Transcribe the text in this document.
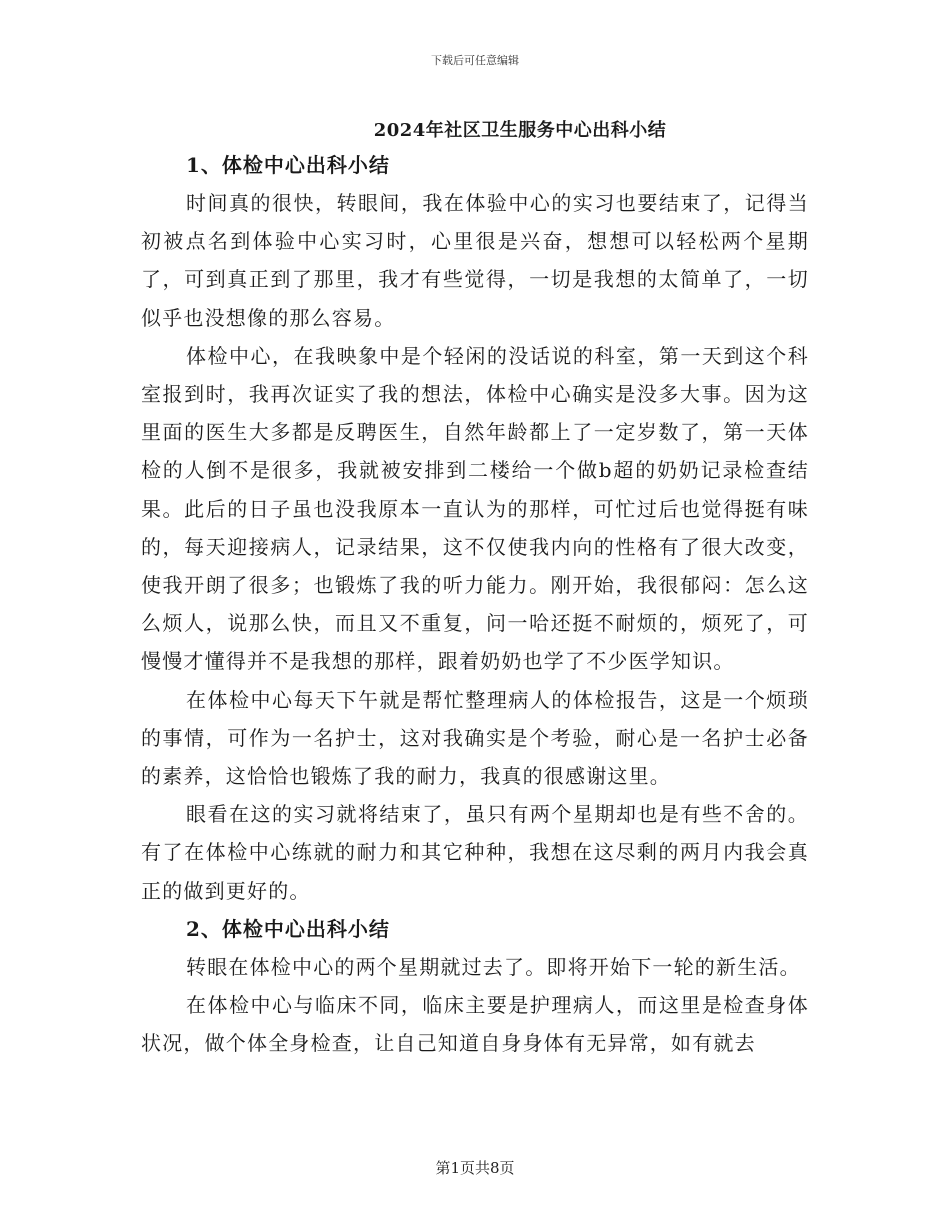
下载后可任意编辑
2024年社区卫生服务中心出科小结

1、体检中心出科小结

时间真的很快，转眼间，我在体验中心的实习也要结束了，记得当初被点名到体验中心实习时，心里很是兴奋，想想可以轻松两个星期了，可到真正到了那里，我才有些觉得，一切是我想的太简单了，一切似乎也没想像的那么容易。

体检中心，在我映象中是个轻闲的没话说的科室，第一天到这个科室报到时，我再次证实了我的想法，体检中心确实是没多大事。因为这里面的医生大多都是反聘医生，自然年龄都上了一定岁数了，第一天体检的人倒不是很多，我就被安排到二楼给一个做b超的奶奶记录检查结果。此后的日子虽也没我原本一直认为的那样，可忙过后也觉得挺有味的，每天迎接病人，记录结果，这不仅使我内向的性格有了很大改变，使我开朗了很多；也锻炼了我的听力能力。刚开始，我很郁闷：怎么这么烦人，说那么快，而且又不重复，问一哈还挺不耐烦的，烦死了，可慢慢才懂得并不是我想的那样，跟着奶奶也学了不少医学知识。

在体检中心每天下午就是帮忙整理病人的体检报告，这是一个烦琐的事情，可作为一名护士，这对我确实是个考验，耐心是一名护士必备的素养，这恰恰也锻炼了我的耐力，我真的很感谢这里。

眼看在这的实习就将结束了，虽只有两个星期却也是有些不舍的。有了在体检中心练就的耐力和其它种种，我想在这尽剩的两月内我会真正的做到更好的。

2、体检中心出科小结

转眼在体检中心的两个星期就过去了。即将开始下一轮的新生活。

在体检中心与临床不同，临床主要是护理病人，而这里是检查身体状况，做个体全身检查，让自己知道自身身体有无异常，如有就去

第1页共8页
